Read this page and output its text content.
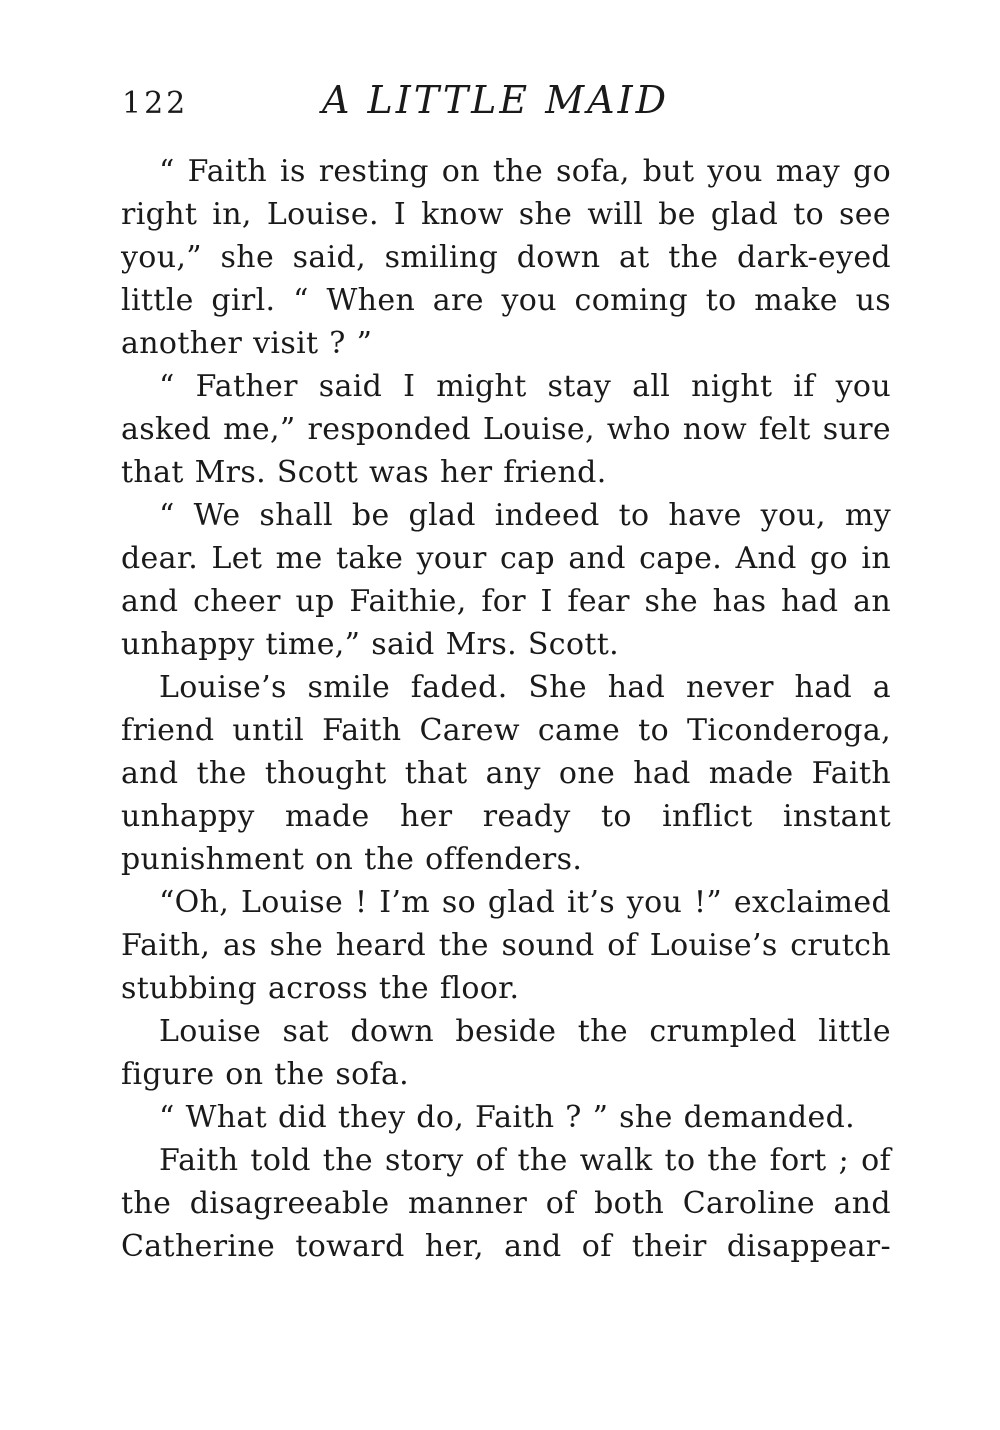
122	A LITTLE MAID

“ Faith is resting on the sofa, but you may go right in, Louise. I know she will be glad to see you,” she said, smiling down at the dark-eyed little girl. “ When are you coming to make us another visit ? ”

“ Father said I might stay all night if you asked me,” responded Louise, who now felt sure that Mrs. Scott was her friend.

“ We shall be glad indeed to have you, my dear. Let me take your cap and cape. And go in and cheer up Faithie, for I fear she has had an unhappy time,” said Mrs. Scott.

Louise’s smile faded. She had never had a friend until Faith Carew came to Ticonderoga, and the thought that any one had made Faith unhappy made her ready to inflict instant punishment on the offenders.

“Oh, Louise ! I’m so glad it’s you !” exclaimed Faith, as she heard the sound of Louise’s crutch stubbing across the floor.

Louise sat down beside the crumpled little figure on the sofa.

“ What did they do, Faith ? ” she demanded.

Faith told the story of the walk to the fort ; of the disagreeable manner of both Caroline and Catherine toward her, and of their disappear-
